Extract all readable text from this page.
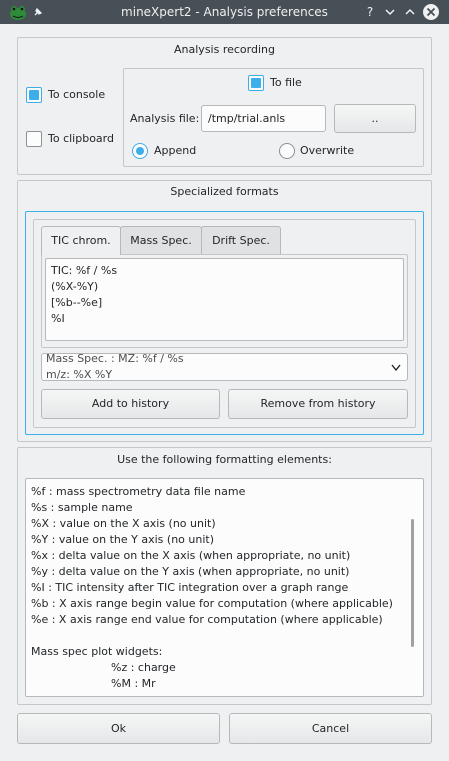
mineXpert2 - Analysis preferences	?
Analysis recording
To console
To clipboard
To file
Analysis file: /tmp/trial.anls	..
Append	Overwrite
Specialized formats
TIC chrom.	Mass Spec.	Drift Spec.
TIC: %f / %s
(%X-%Y)
[%b--%e]
%I
Mass Spec. : MZ: %f / %s
m/z: %X %Y
Add to history	Remove from history
Use the following formatting elements:
%f : mass spectrometry data file name
%s : sample name
%X : value on the X axis (no unit)
%Y : value on the Y axis (no unit)
%x : delta value on the X axis (when appropriate, no unit)
%y : delta value on the Y axis (when appropriate, no unit)
%I : TIC intensity after TIC integration over a graph range
%b : X axis range begin value for computation (where applicable)
%e : X axis range end value for computation (where applicable)
Mass spec plot widgets:
%z : charge
%M : Mr
Ok	Cancel
